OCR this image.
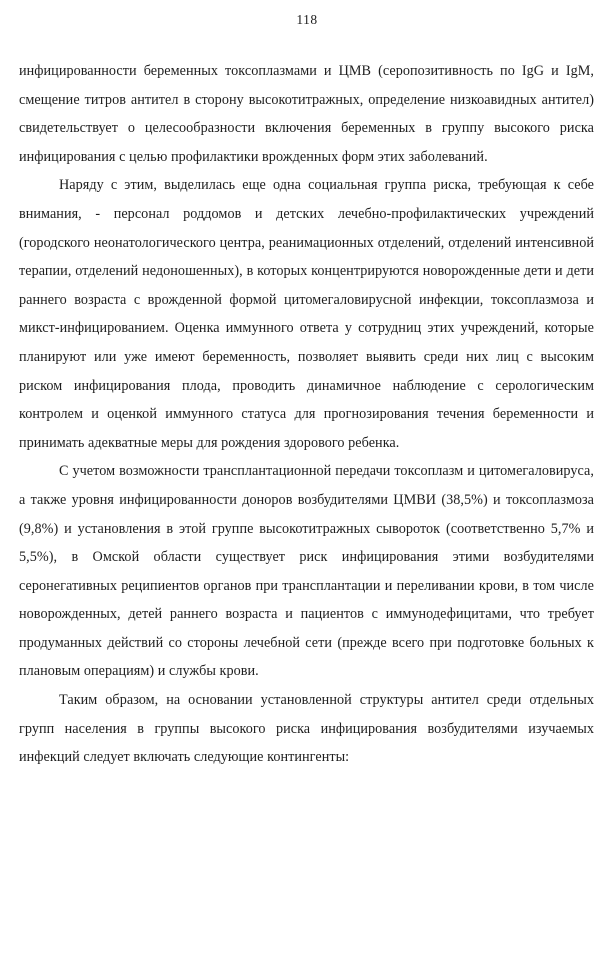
118

инфицированности беременных токсоплазмами и ЦМВ (серопозитивность по IgG и IgM, смещение титров антител в сторону высокотитражных, определение низкоавидных антител) свидетельствует о целесообразности включения беременных в группу высокого риска инфицирования с целью профилактики врожденных форм этих заболеваний.

Наряду с этим, выделилась еще одна социальная группа риска, требующая к себе внимания, - персонал роддомов и детских лечебно-профилактических учреждений (городского неонатологического центра, реанимационных отделений, отделений интенсивной терапии, отделений недоношенных), в которых концентрируются новорожденные дети и дети раннего возраста с врожденной формой цитомегаловирусной инфекции, токсоплазмоза и микст-инфицированием. Оценка иммунного ответа у сотрудниц этих учреждений, которые планируют или уже имеют беременность, позволяет выявить среди них лиц с высоким риском инфицирования плода, проводить динамичное наблюдение с серологическим контролем и оценкой иммунного статуса для прогнозирования течения беременности и принимать адекватные меры для рождения здорового ребенка.

С учетом возможности трансплантационной передачи токсоплазм и цитомегаловируса, а также уровня инфицированности доноров возбудителями ЦМВИ (38,5%) и токсоплазмоза (9,8%) и установления в этой группе высокотитражных сывороток (соответственно 5,7% и 5,5%), в Омской области существует риск инфицирования этими возбудителями серонегативных реципиентов органов при трансплантации и переливании крови, в том числе новорожденных, детей раннего возраста и пациентов с иммунодефицитами, что требует продуманных действий со стороны лечебной сети (прежде всего при подготовке больных к плановым операциям) и службы крови.

Таким образом, на основании установленной структуры антител среди отдельных групп населения в группы высокого риска инфицирования возбудителями изучаемых инфекций следует включать следующие контингенты:
